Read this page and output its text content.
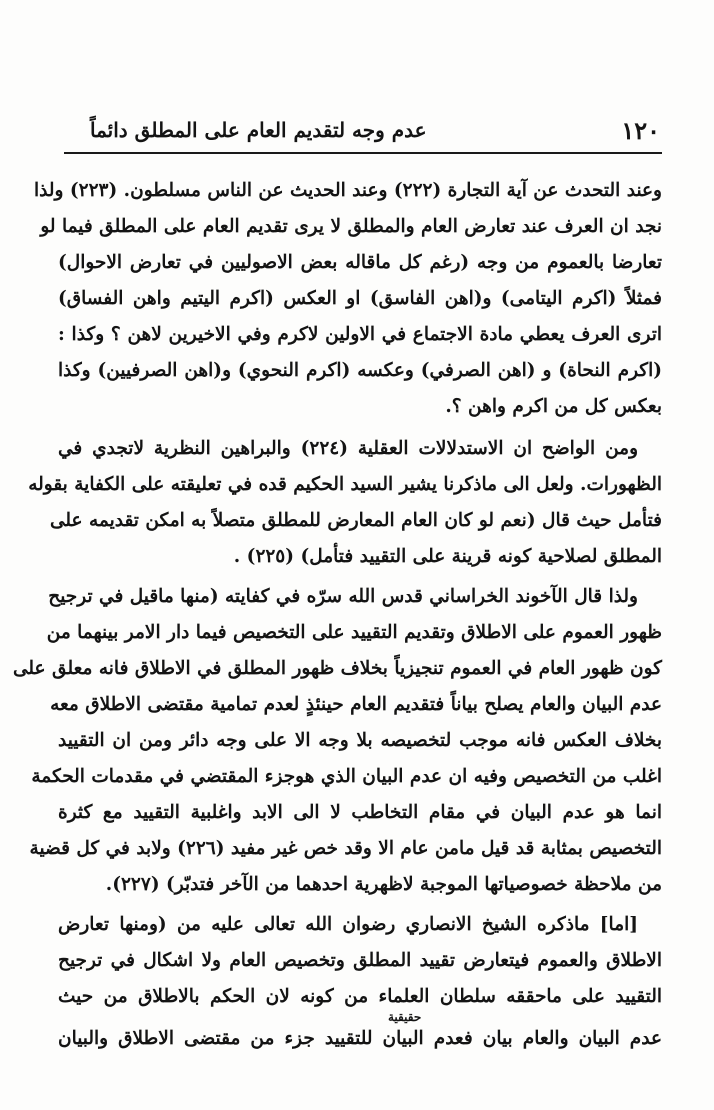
١٢٠
عدم وجه لتقديم العام على المطلق دائماً
وعند التحدث عن آية التجارة (٢٢٢) وعند الحديث عن الناس مسلطون. (٢٢٣) ولذا
نجد ان العرف عند تعارض العام والمطلق لا يرى تقديم العام على المطلق فيما لو
تعارضا بالعموم من وجه (رغم كل ماقاله بعض الاصوليين في تعارض الاحوال)
فمثلاً (اكرم اليتامى) و(اهن الفاسق) او العكس (اكرم اليتيم واهن الفساق)
اترى العرف يعطي مادة الاجتماع في الاولين لاكرم وفي الاخيرين لاهن ؟ وكذا :
(اكرم النحاة) و (اهن الصرفي) وعكسه (اكرم النحوي) و(اهن الصرفيين) وكذا
بعكس كل من اكرم واهن ؟.
ومن الواضح ان الاستدلالات العقلية (٢٢٤) والبراهين النظرية لاتجدي في
الظهورات. ولعل الى ماذكرنا يشير السيد الحكيم قده في تعليقته على الكفاية بقوله
فتأمل حيث قال (نعم لو كان العام المعارض للمطلق متصلاً به امكن تقديمه على
المطلق لصلاحية كونه قرينة على التقييد فتأمل) (٢٢٥) .
ولذا قال الآخوند الخراساني قدس الله سرّه في كفايته (منها ماقيل في ترجيح
ظهور العموم على الاطلاق وتقديم التقييد على التخصيص فيما دار الامر بينهما من
كون ظهور العام في العموم تنجيزياً بخلاف ظهور المطلق في الاطلاق فانه معلق على
عدم البيان والعام يصلح بياناً فتقديم العام حينئذٍ لعدم تمامية مقتضى الاطلاق معه
بخلاف العكس فانه موجب لتخصيصه بلا وجه الا على وجه دائر ومن ان التقييد
اغلب من التخصيص وفيه ان عدم البيان الذي هوجزء المقتضي في مقدمات الحكمة
انما هو عدم البيان في مقام التخاطب لا الى الابد واغلبية التقييد مع كثرة
التخصيص بمثابة قد قيل مامن عام الا وقد خص غير مفيد (٢٢٦) ولابد في كل قضية
من ملاحظة خصوصياتها الموجبة لاظهرية احدهما من الآخر فتدبّر) (٢٢٧).
[اما] ماذكره الشيخ الانصاري رضوان الله تعالى عليه من (ومنها تعارض
الاطلاق والعموم فيتعارض تقييد المطلق وتخصيص العام ولا اشكال في ترجيح
التقييد على ماحققه سلطان العلماء من كونه لان الحكم بالاطلاق من حيث
حقيقية
عدم البيان والعام بيان فعدم البيان للتقييد جزء من مقتضى الاطلاق والبيان
